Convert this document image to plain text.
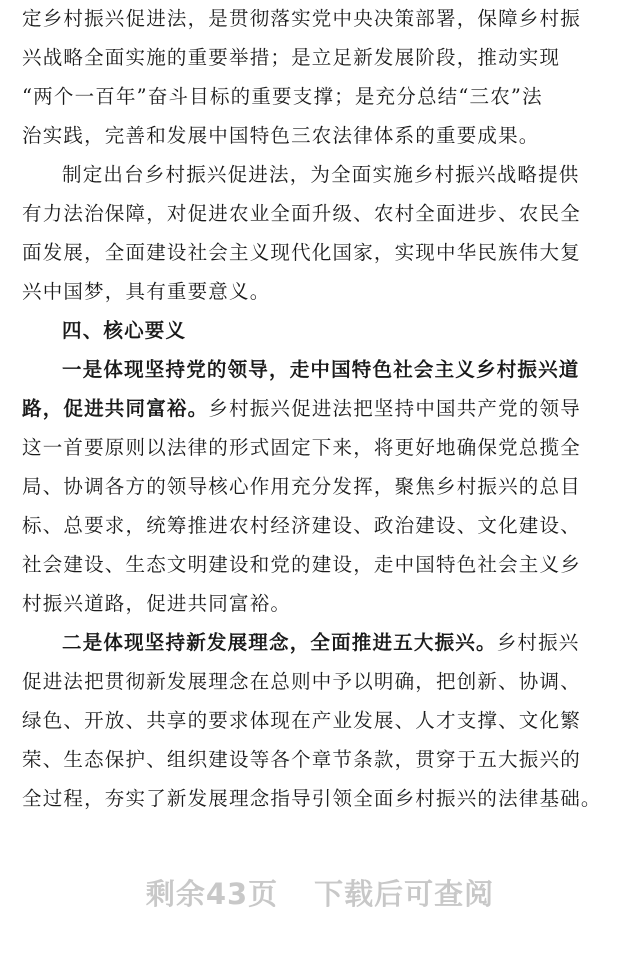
定乡村振兴促进法，是贯彻落实党中央决策部署，保障乡村振
兴战略全面实施的重要举措；是立足新发展阶段，推动实现
“两个一百年”奋斗目标的重要支撑；是充分总结“三农”法
治实践，完善和发展中国特色三农法律体系的重要成果。
制定出台乡村振兴促进法，为全面实施乡村振兴战略提供
有力法治保障，对促进农业全面升级、农村全面进步、农民全
面发展，全面建设社会主义现代化国家，实现中华民族伟大复
兴中国梦，具有重要意义。
四、核心要义
一是体现坚持党的领导，走中国特色社会主义乡村振兴道
路，促进共同富裕。乡村振兴促进法把坚持中国共产党的领导
这一首要原则以法律的形式固定下来，将更好地确保党总揽全
局、协调各方的领导核心作用充分发挥，聚焦乡村振兴的总目
标、总要求，统筹推进农村经济建设、政治建设、文化建设、
社会建设、生态文明建设和党的建设，走中国特色社会主义乡
村振兴道路，促进共同富裕。
二是体现坚持新发展理念，全面推进五大振兴。乡村振兴
促进法把贯彻新发展理念在总则中予以明确，把创新、协调、
绿色、开放、共享的要求体现在产业发展、人才支撑、文化繁
荣、生态保护、组织建设等各个章节条款，贯穿于五大振兴的
全过程，夯实了新发展理念指导引领全面乡村振兴的法律基础。
剩余43页 下载后可查阅
